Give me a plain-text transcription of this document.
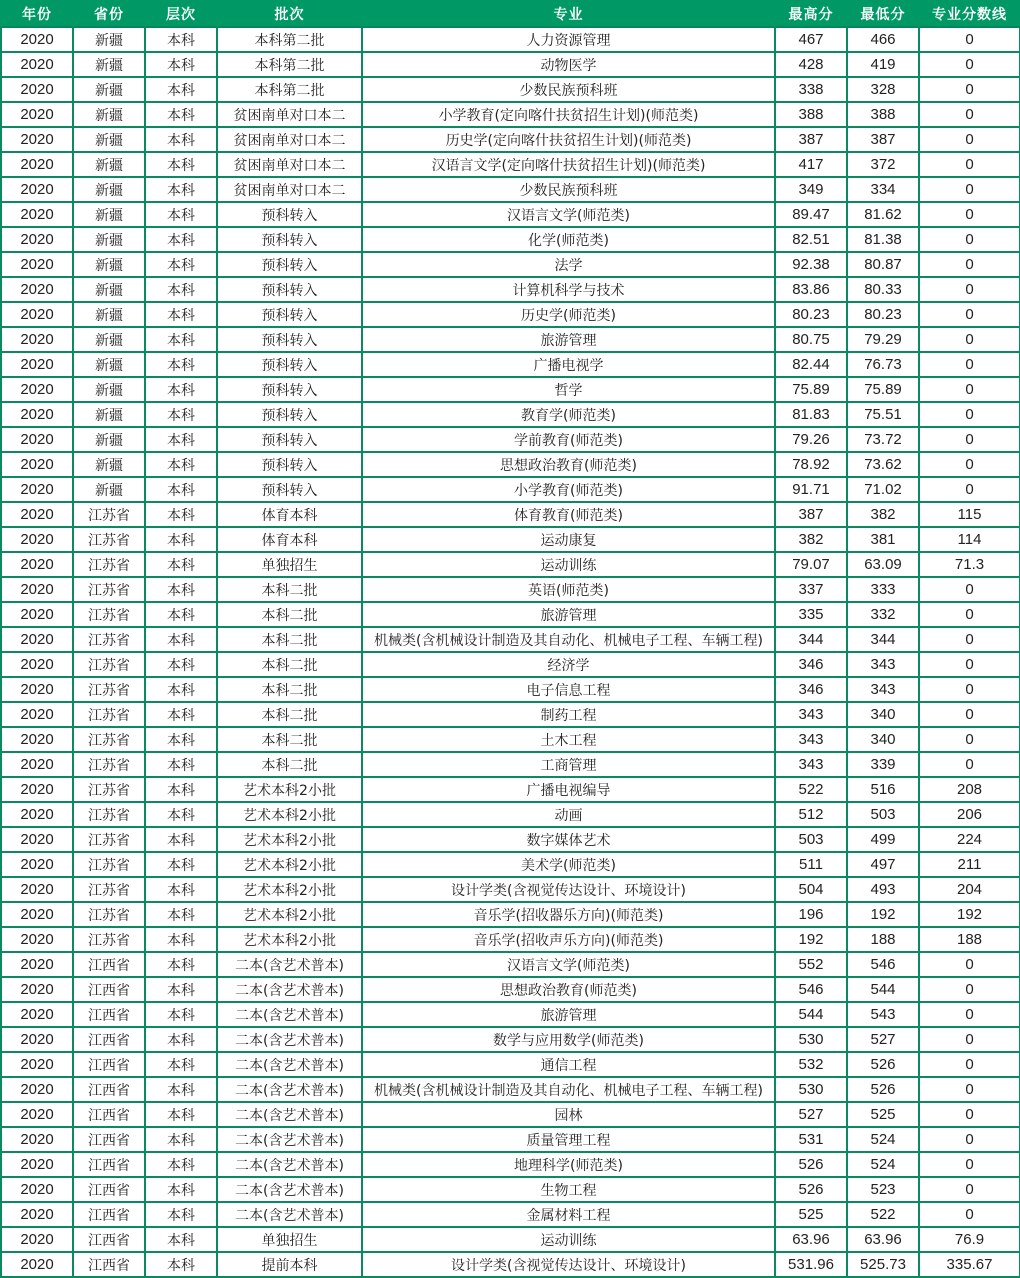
年份	省份	层次	批次	专业	最高分	最低分	专业分数线
2020	新疆	本科	本科第二批	人力资源管理	467	466	0
2020	新疆	本科	本科第二批	动物医学	428	419	0
2020	新疆	本科	本科第二批	少数民族预科班	338	328	0
2020	新疆	本科	贫困南单对口本二	小学教育(定向喀什扶贫招生计划)(师范类)	388	388	0
2020	新疆	本科	贫困南单对口本二	历史学(定向喀什扶贫招生计划)(师范类)	387	387	0
2020	新疆	本科	贫困南单对口本二	汉语言文学(定向喀什扶贫招生计划)(师范类)	417	372	0
2020	新疆	本科	贫困南单对口本二	少数民族预科班	349	334	0
2020	新疆	本科	预科转入	汉语言文学(师范类)	89.47	81.62	0
2020	新疆	本科	预科转入	化学(师范类)	82.51	81.38	0
2020	新疆	本科	预科转入	法学	92.38	80.87	0
2020	新疆	本科	预科转入	计算机科学与技术	83.86	80.33	0
2020	新疆	本科	预科转入	历史学(师范类)	80.23	80.23	0
2020	新疆	本科	预科转入	旅游管理	80.75	79.29	0
2020	新疆	本科	预科转入	广播电视学	82.44	76.73	0
2020	新疆	本科	预科转入	哲学	75.89	75.89	0
2020	新疆	本科	预科转入	教育学(师范类)	81.83	75.51	0
2020	新疆	本科	预科转入	学前教育(师范类)	79.26	73.72	0
2020	新疆	本科	预科转入	思想政治教育(师范类)	78.92	73.62	0
2020	新疆	本科	预科转入	小学教育(师范类)	91.71	71.02	0
2020	江苏省	本科	体育本科	体育教育(师范类)	387	382	115
2020	江苏省	本科	体育本科	运动康复	382	381	114
2020	江苏省	本科	单独招生	运动训练	79.07	63.09	71.3
2020	江苏省	本科	本科二批	英语(师范类)	337	333	0
2020	江苏省	本科	本科二批	旅游管理	335	332	0
2020	江苏省	本科	本科二批	机械类(含机械设计制造及其自动化、机械电子工程、车辆工程)	344	344	0
2020	江苏省	本科	本科二批	经济学	346	343	0
2020	江苏省	本科	本科二批	电子信息工程	346	343	0
2020	江苏省	本科	本科二批	制药工程	343	340	0
2020	江苏省	本科	本科二批	土木工程	343	340	0
2020	江苏省	本科	本科二批	工商管理	343	339	0
2020	江苏省	本科	艺术本科2小批	广播电视编导	522	516	208
2020	江苏省	本科	艺术本科2小批	动画	512	503	206
2020	江苏省	本科	艺术本科2小批	数字媒体艺术	503	499	224
2020	江苏省	本科	艺术本科2小批	美术学(师范类)	511	497	211
2020	江苏省	本科	艺术本科2小批	设计学类(含视觉传达设计、环境设计)	504	493	204
2020	江苏省	本科	艺术本科2小批	音乐学(招收器乐方向)(师范类)	196	192	192
2020	江苏省	本科	艺术本科2小批	音乐学(招收声乐方向)(师范类)	192	188	188
2020	江西省	本科	二本(含艺术普本)	汉语言文学(师范类)	552	546	0
2020	江西省	本科	二本(含艺术普本)	思想政治教育(师范类)	546	544	0
2020	江西省	本科	二本(含艺术普本)	旅游管理	544	543	0
2020	江西省	本科	二本(含艺术普本)	数学与应用数学(师范类)	530	527	0
2020	江西省	本科	二本(含艺术普本)	通信工程	532	526	0
2020	江西省	本科	二本(含艺术普本)	机械类(含机械设计制造及其自动化、机械电子工程、车辆工程)	530	526	0
2020	江西省	本科	二本(含艺术普本)	园林	527	525	0
2020	江西省	本科	二本(含艺术普本)	质量管理工程	531	524	0
2020	江西省	本科	二本(含艺术普本)	地理科学(师范类)	526	524	0
2020	江西省	本科	二本(含艺术普本)	生物工程	526	523	0
2020	江西省	本科	二本(含艺术普本)	金属材料工程	525	522	0
2020	江西省	本科	单独招生	运动训练	63.96	63.96	76.9
2020	江西省	本科	提前本科	设计学类(含视觉传达设计、环境设计)	531.96	525.73	335.67
